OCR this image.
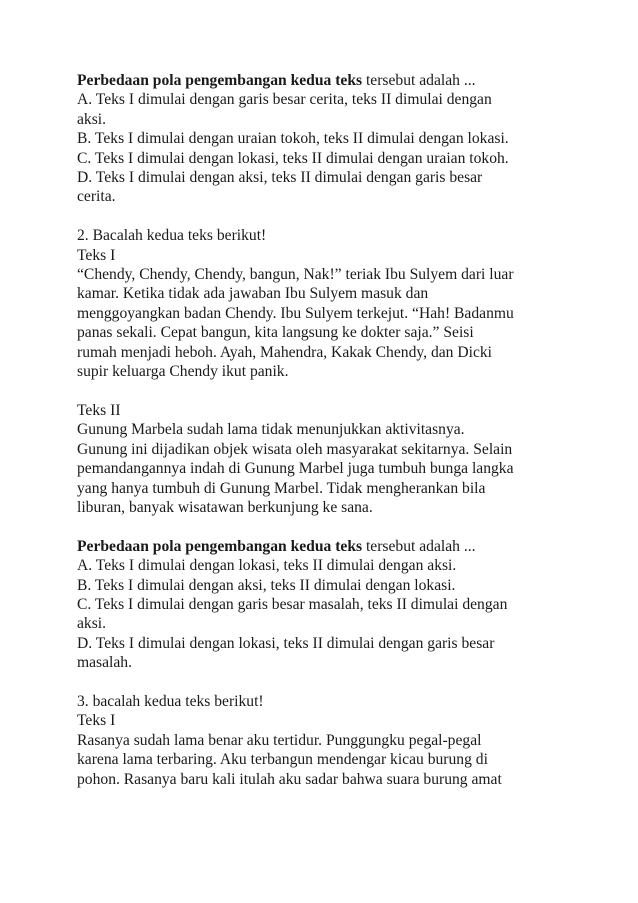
Perbedaan pola pengembangan kedua teks tersebut adalah ...

A. Teks I dimulai dengan garis besar cerita, teks II dimulai dengan

aksi.

B. Teks I dimulai dengan uraian tokoh, teks II dimulai dengan lokasi.

C. Teks I dimulai dengan lokasi, teks II dimulai dengan uraian tokoh.

D. Teks I dimulai dengan aksi, teks II dimulai dengan garis besar

cerita.

2. Bacalah kedua teks berikut!

Teks I

“Chendy, Chendy, Chendy, bangun, Nak!” teriak Ibu Sulyem dari luar

kamar. Ketika tidak ada jawaban Ibu Sulyem masuk dan

menggoyangkan badan Chendy. Ibu Sulyem terkejut. “Hah! Badanmu

panas sekali. Cepat bangun, kita langsung ke dokter saja.” Seisi

rumah menjadi heboh. Ayah, Mahendra, Kakak Chendy, dan Dicki

supir keluarga Chendy ikut panik.

Teks II

Gunung Marbela sudah lama tidak menunjukkan aktivitasnya.

Gunung ini dijadikan objek wisata oleh masyarakat sekitarnya. Selain

pemandangannya indah di Gunung Marbel juga tumbuh bunga langka

yang hanya tumbuh di Gunung Marbel. Tidak mengherankan bila

liburan, banyak wisatawan berkunjung ke sana.

Perbedaan pola pengembangan kedua teks tersebut adalah ...

A. Teks I dimulai dengan lokasi, teks II dimulai dengan aksi.

B. Teks I dimulai dengan aksi, teks II dimulai dengan lokasi.

C. Teks I dimulai dengan garis besar masalah, teks II dimulai dengan

aksi.

D. Teks I dimulai dengan lokasi, teks II dimulai dengan garis besar

masalah.

3. bacalah kedua teks berikut!

Teks I

Rasanya sudah lama benar aku tertidur. Punggungku pegal-pegal

karena lama terbaring. Aku terbangun mendengar kicau burung di

pohon. Rasanya baru kali itulah aku sadar bahwa suara burung amat
